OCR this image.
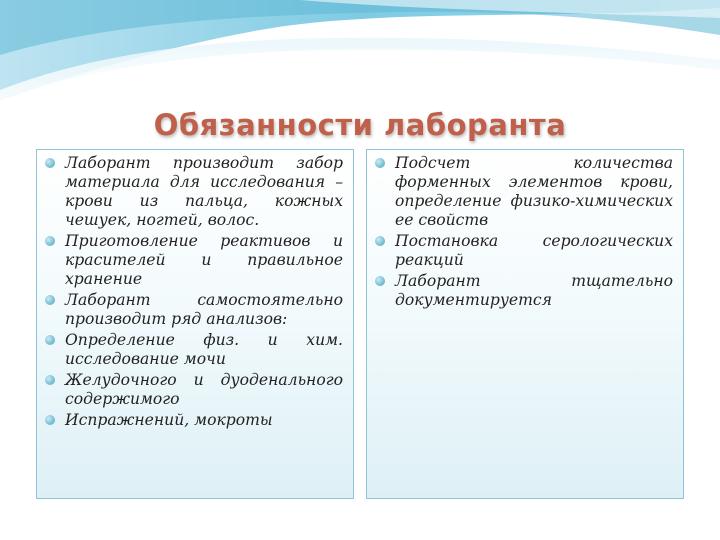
Обязанности лаборанта
Лаборант производит забор материала для исследования – крови из пальца, кожных чешуек, ногтей, волос.
Приготовление реактивов и красителей и правильное хранение
Лаборант самостоятельно производит ряд анализов:
Определение физ. и хим. исследование мочи
Желудочного и дуоденального содержимого
Испражнений, мокроты
Подсчет количества форменных элементов крови, определение физико-химических ее свойств
Постановка серологических реакций
Лаборант тщательно документируется
